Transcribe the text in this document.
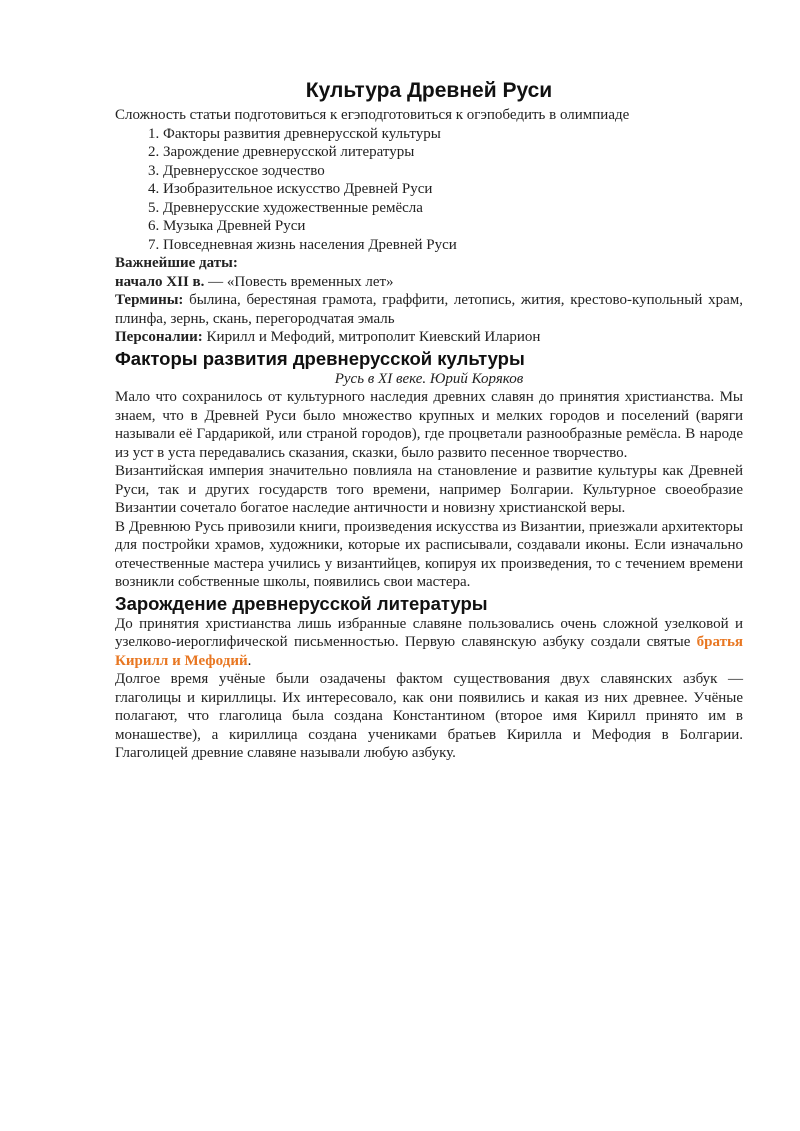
Культура Древней Руси

Сложность статьи подготовиться к егэподготовиться к огэпобедить в олимпиаде

1. Факторы развития древнерусской культуры
2. Зарождение древнерусской литературы
3. Древнерусское зодчество
4. Изобразительное искусство Древней Руси
5. Древнерусские художественные ремёсла
6. Музыка Древней Руси
7. Повседневная жизнь населения Древней Руси

Важнейшие даты:

начало XII в. — «Повесть временных лет»

Термины: былина, берестяная грамота, граффити, летопись, жития, крестово-купольный храм, плинфа, зернь, скань, перегородчатая эмаль

Персоналии: Кирилл и Мефодий, митрополит Киевский Иларион

Факторы развития древнерусской культуры

Русь в XI веке. Юрий Коряков

Мало что сохранилось от культурного наследия древних славян до принятия христианства. Мы знаем, что в Древней Руси было множество крупных и мелких городов и поселений (варяги называли её Гардарикой, или страной городов), где процветали разнообразные ремёсла. В народе из уст в уста передавались сказания, сказки, было развито песенное творчество.

Византийская империя значительно повлияла на становление и развитие культуры как Древней Руси, так и других государств того времени, например Болгарии. Культурное своеобразие Византии сочетало богатое наследие античности и новизну христианской веры.

В Древнюю Русь привозили книги, произведения искусства из Византии, приезжали архитекторы для постройки храмов, художники, которые их расписывали, создавали иконы. Если изначально отечественные мастера учились у византийцев, копируя их произведения, то с течением времени возникли собственные школы, появились свои мастера.

Зарождение древнерусской литературы

До принятия христианства лишь избранные славяне пользовались очень сложной узелковой и узелково-иероглифической письменностью. Первую славянскую азбуку создали святые братья Кирилл и Мефодий.

Долгое время учёные были озадачены фактом существования двух славянских азбук — глаголицы и кириллицы. Их интересовало, как они появились и какая из них древнее. Учёные полагают, что глаголица была создана Константином (второе имя Кирилл принято им в монашестве), а кириллица создана учениками братьев Кирилла и Мефодия в Болгарии. Глаголицей древние славяне называли любую азбуку.
